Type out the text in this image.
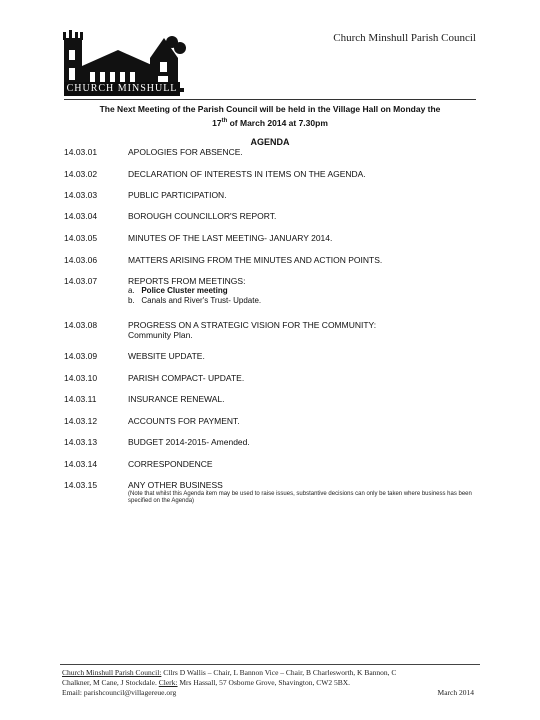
CHURCH MINSHULL
Church Minshull Parish Council
The Next Meeting of the Parish Council will be held in the Village Hall on Monday the
17th of March 2014 at 7.30pm
AGENDA
14.03.01	APOLOGIES FOR ABSENCE.
14.03.02	DECLARATION OF INTERESTS IN ITEMS ON THE AGENDA.
14.03.03	PUBLIC PARTICIPATION.
14.03.04	BOROUGH COUNCILLOR'S REPORT.
14.03.05	MINUTES OF THE LAST MEETING- JANUARY 2014.
14.03.06	MATTERS ARISING FROM THE MINUTES AND ACTION POINTS.
14.03.07	REPORTS FROM MEETINGS:
a. Police Cluster meeting
b. Canals and River's Trust- Update.
14.03.08	PROGRESS ON A STRATEGIC VISION FOR THE COMMUNITY:
Community Plan.
14.03.09	WEBSITE UPDATE.
14.03.10	PARISH COMPACT- UPDATE.
14.03.11	INSURANCE RENEWAL.
14.03.12	ACCOUNTS FOR PAYMENT.
14.03.13	BUDGET 2014-2015- Amended.
14.03.14	CORRESPONDENCE
14.03.15	ANY OTHER BUSINESS
(Note that whilst this Agenda item may be used to raise issues, substantive decisions can only be taken where business has been specified on the Agenda)
Church Minshull Parish Council: Cllrs D Wallis – Chair, L Bannon Vice – Chair, B Charlesworth, K Bannon, C
Chalkner, M Cane, J Stockdale. Clerk: Mrs Hassall, 57 Osborne Grove, Shavington, CW2 5BX.
Email: parishcouncil@villagereue.org	March 2014
